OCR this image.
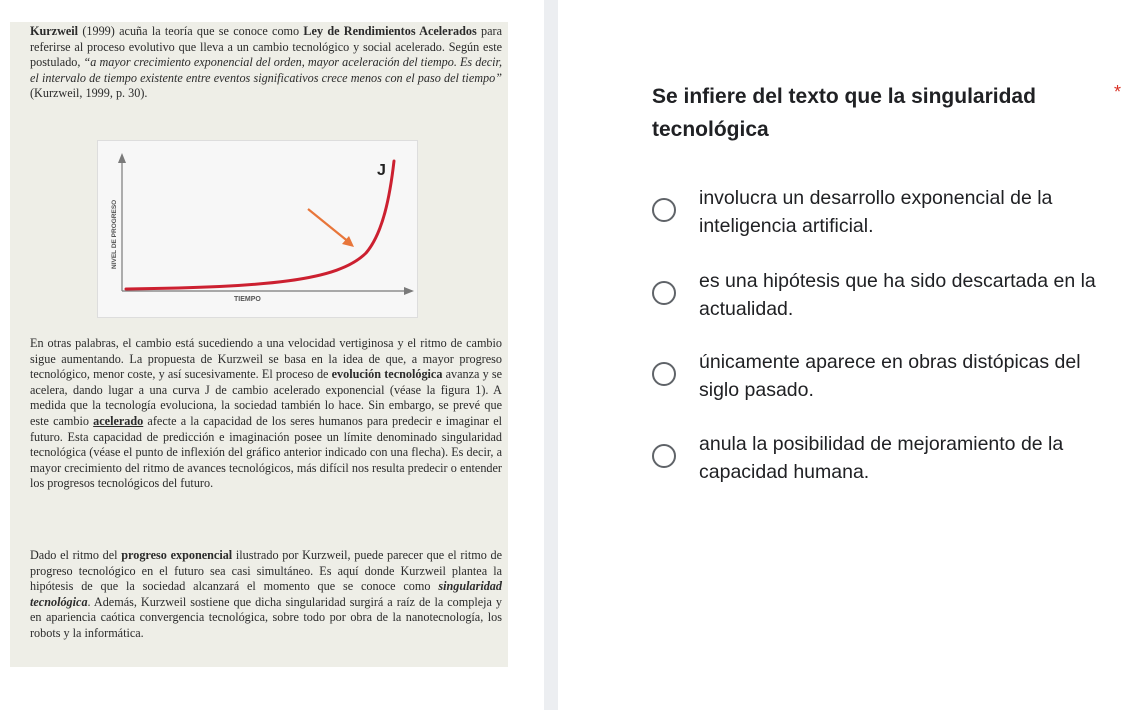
Kurzweil (1999) acuña la teoría que se conoce como Ley de Rendimientos Acelerados para referirse al proceso evolutivo que lleva a un cambio tecnológico y social acelerado. Según este postulado, “a mayor crecimiento exponencial del orden, mayor aceleración del tiempo. Es decir, el intervalo de tiempo existente entre eventos significativos crece menos con el paso del tiempo” (Kurzweil, 1999, p. 30).

NIVEL DE PROGRESO
TIEMPO
J

En otras palabras, el cambio está sucediendo a una velocidad vertiginosa y el ritmo de cambio sigue aumentando. La propuesta de Kurzweil se basa en la idea de que, a mayor progreso tecnológico, menor coste, y así sucesivamente. El proceso de evolución tecnológica avanza y se acelera, dando lugar a una curva J de cambio acelerado exponencial (véase la figura 1). A medida que la tecnología evoluciona, la sociedad también lo hace. Sin embargo, se prevé que este cambio acelerado afecte a la capacidad de los seres humanos para predecir e imaginar el futuro. Esta capacidad de predicción e imaginación posee un límite denominado singularidad tecnológica (véase el punto de inflexión del gráfico anterior indicado con una flecha). Es decir, a mayor crecimiento del ritmo de avances tecnológicos, más difícil nos resulta predecir o entender los progresos tecnológicos del futuro.

Dado el ritmo del progreso exponencial ilustrado por Kurzweil, puede parecer que el ritmo de progreso tecnológico en el futuro sea casi simultáneo. Es aquí donde Kurzweil plantea la hipótesis de que la sociedad alcanzará el momento que se conoce como singularidad tecnológica. Además, Kurzweil sostiene que dicha singularidad surgirá a raíz de la compleja y en apariencia caótica convergencia tecnológica, sobre todo por obra de la nanotecnología, los robots y la informática.

Se infiere del texto que la singularidad tecnológica

*
involucra un desarrollo exponencial de la inteligencia artificial.
es una hipótesis que ha sido descartada en la actualidad.
únicamente aparece en obras distópicas del siglo pasado.
anula la posibilidad de mejoramiento de la capacidad humana.
